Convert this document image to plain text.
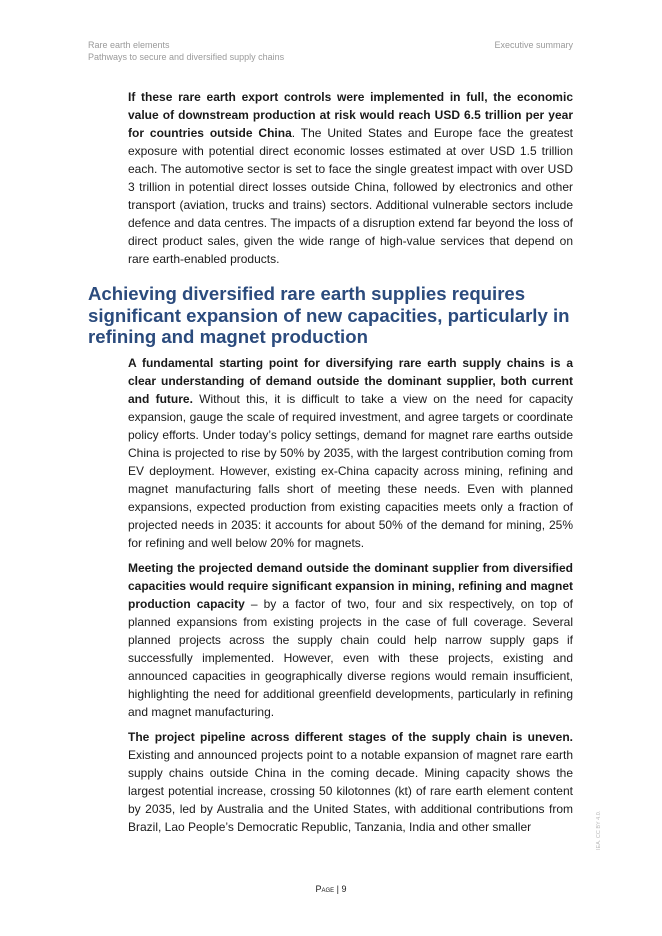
Rare earth elements
Pathways to secure and diversified supply chains
Executive summary

If these rare earth export controls were implemented in full, the economic value of downstream production at risk would reach USD 6.5 trillion per year for countries outside China. The United States and Europe face the greatest exposure with potential direct economic losses estimated at over USD 1.5 trillion each. The automotive sector is set to face the single greatest impact with over USD 3 trillion in potential direct losses outside China, followed by electronics and other transport (aviation, trucks and trains) sectors. Additional vulnerable sectors include defence and data centres. The impacts of a disruption extend far beyond the loss of direct product sales, given the wide range of high-value services that depend on rare earth-enabled products.

Achieving diversified rare earth supplies requires significant expansion of new capacities, particularly in refining and magnet production

A fundamental starting point for diversifying rare earth supply chains is a clear understanding of demand outside the dominant supplier, both current and future. Without this, it is difficult to take a view on the need for capacity expansion, gauge the scale of required investment, and agree targets or coordinate policy efforts. Under today’s policy settings, demand for magnet rare earths outside China is projected to rise by 50% by 2035, with the largest contribution coming from EV deployment. However, existing ex-China capacity across mining, refining and magnet manufacturing falls short of meeting these needs. Even with planned expansions, expected production from existing capacities meets only a fraction of projected needs in 2035: it accounts for about 50% of the demand for mining, 25% for refining and well below 20% for magnets.

Meeting the projected demand outside the dominant supplier from diversified capacities would require significant expansion in mining, refining and magnet production capacity – by a factor of two, four and six respectively, on top of planned expansions from existing projects in the case of full coverage. Several planned projects across the supply chain could help narrow supply gaps if successfully implemented. However, even with these projects, existing and announced capacities in geographically diverse regions would remain insufficient, highlighting the need for additional greenfield developments, particularly in refining and magnet manufacturing.

The project pipeline across different stages of the supply chain is uneven. Existing and announced projects point to a notable expansion of magnet rare earth supply chains outside China in the coming decade. Mining capacity shows the largest potential increase, crossing 50 kilotonnes (kt) of rare earth element content by 2035, led by Australia and the United States, with additional contributions from Brazil, Lao People’s Democratic Republic, Tanzania, India and other smaller	IEA. CC BY 4.0.
Page | 9
